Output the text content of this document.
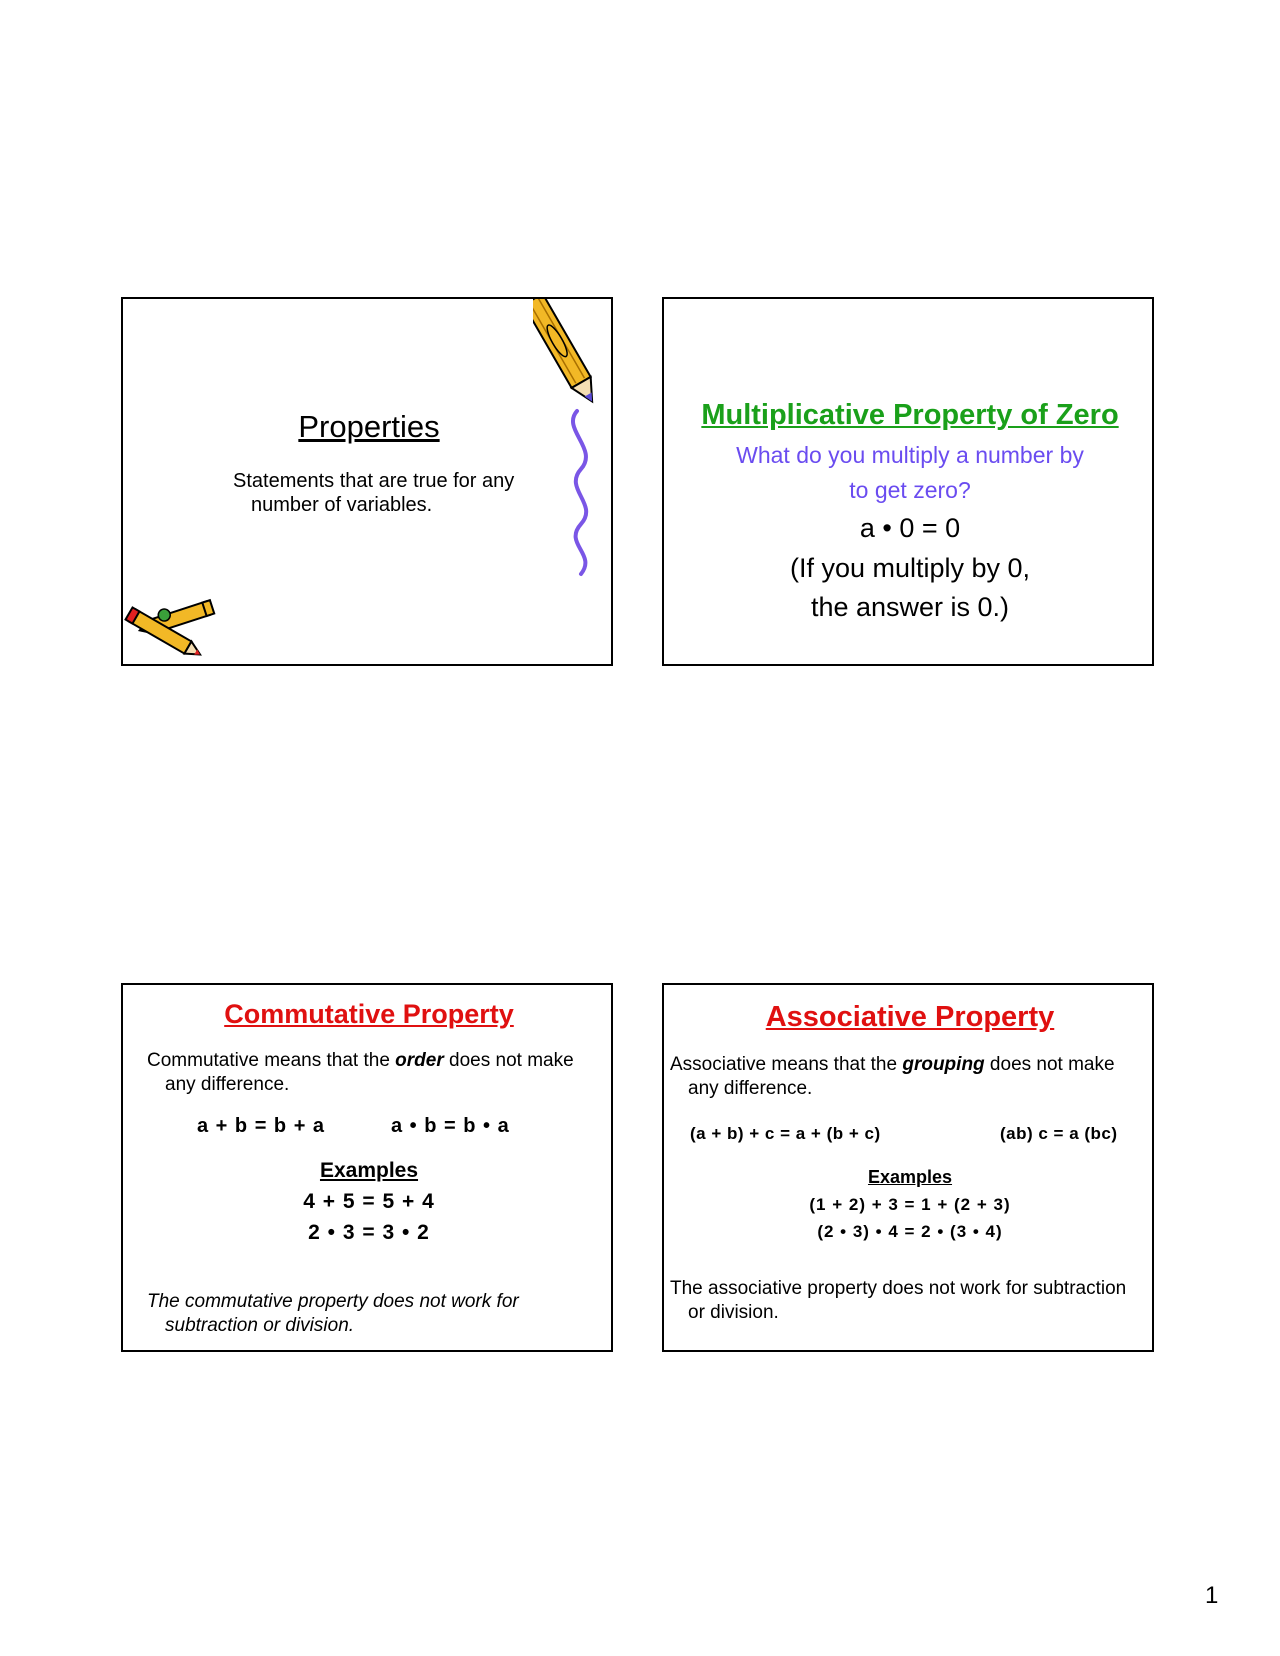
Properties
Statements that are true for any number of variables.
Multiplicative Property of Zero
What do you multiply a number by
to get zero?
a • 0 = 0
(If you multiply by 0,
the answer is 0.)
Commutative Property
Commutative means that the order does not make any difference.
a + b = b + a	a • b = b • a
Examples
4 + 5 = 5 + 4
2 • 3 = 3 • 2
The commutative property does not work for subtraction or division.
Associative Property
Associative means that the grouping does not make any difference.
(a + b) + c = a + (b + c)	(ab) c = a (bc)
Examples
(1 + 2) + 3 = 1 + (2 + 3)
(2 • 3) • 4 = 2 • (3 • 4)
The associative property does not work for subtraction or division.
1
